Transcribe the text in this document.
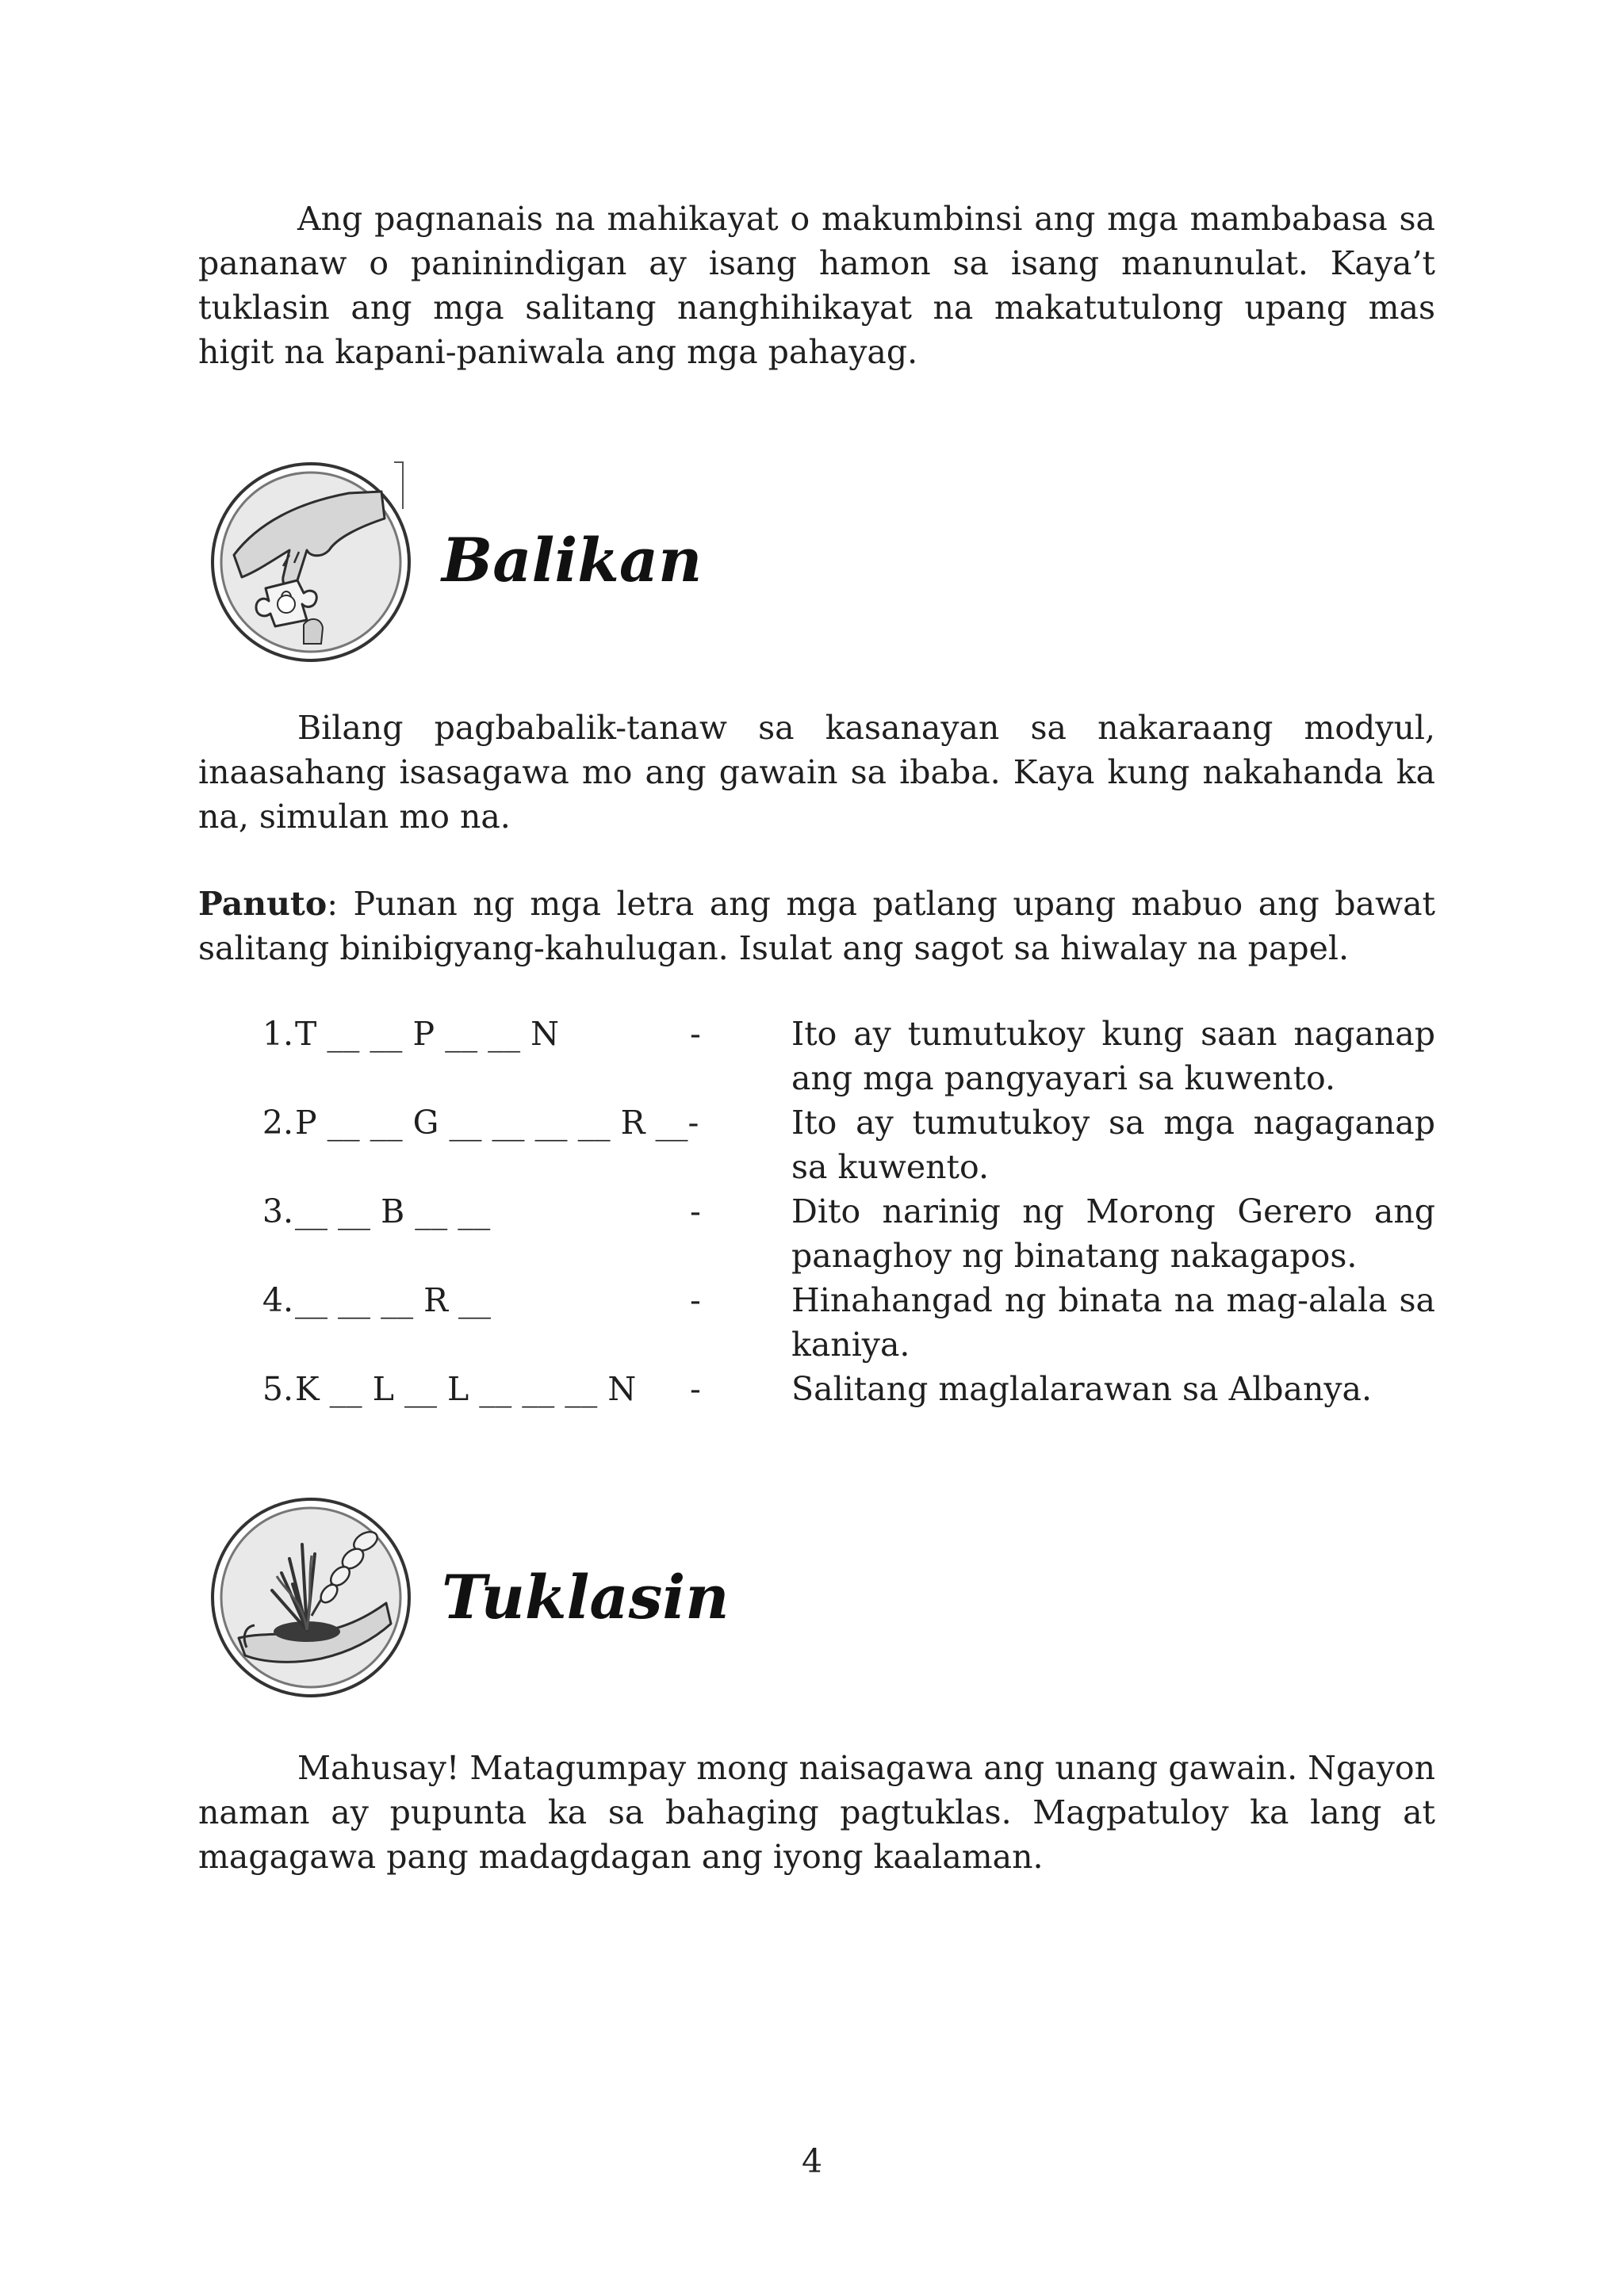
Ang pagnanais na mahikayat o makumbinsi ang mga mambabasa sa pananaw o paninindigan ay isang hamon sa isang manunulat. Kaya’t tuklasin ang mga salitang nanghihikayat na makatutulong upang mas higit na kapani-paniwala ang mga pahayag.

Balikan

Bilang pagbabalik-tanaw sa kasanayan sa nakaraang modyul, inaasahang isasagawa mo ang gawain sa ibaba. Kaya kung nakahanda ka na, simulan mo na.

Panuto: Punan ng mga letra ang mga patlang upang mabuo ang bawat salitang binibigyang-kahulugan. Isulat ang sagot sa hiwalay na papel.
1. T __ __ P __ __ N	-	Ito ay tumutukoy kung saan naganap ang mga pangyayari sa kuwento.
2. P __ __ G __ __ __ __ R __-	Ito ay tumutukoy sa mga nagaganap sa kuwento.
3. __ __ B __ __	-	Dito narinig ng Morong Gerero ang panaghoy ng binatang nakagapos.
4. __ __ __ R __	-	Hinahangad ng binata na mag-alala sa kaniya.
5. K __ L __ L __ __ __ N -	Salitang maglalarawan sa Albanya.
Tuklasin

Mahusay! Matagumpay mong naisagawa ang unang gawain. Ngayon naman ay pupunta ka sa bahaging pagtuklas. Magpatuloy ka lang at magagawa pang madagdagan ang iyong kaalaman.

4
